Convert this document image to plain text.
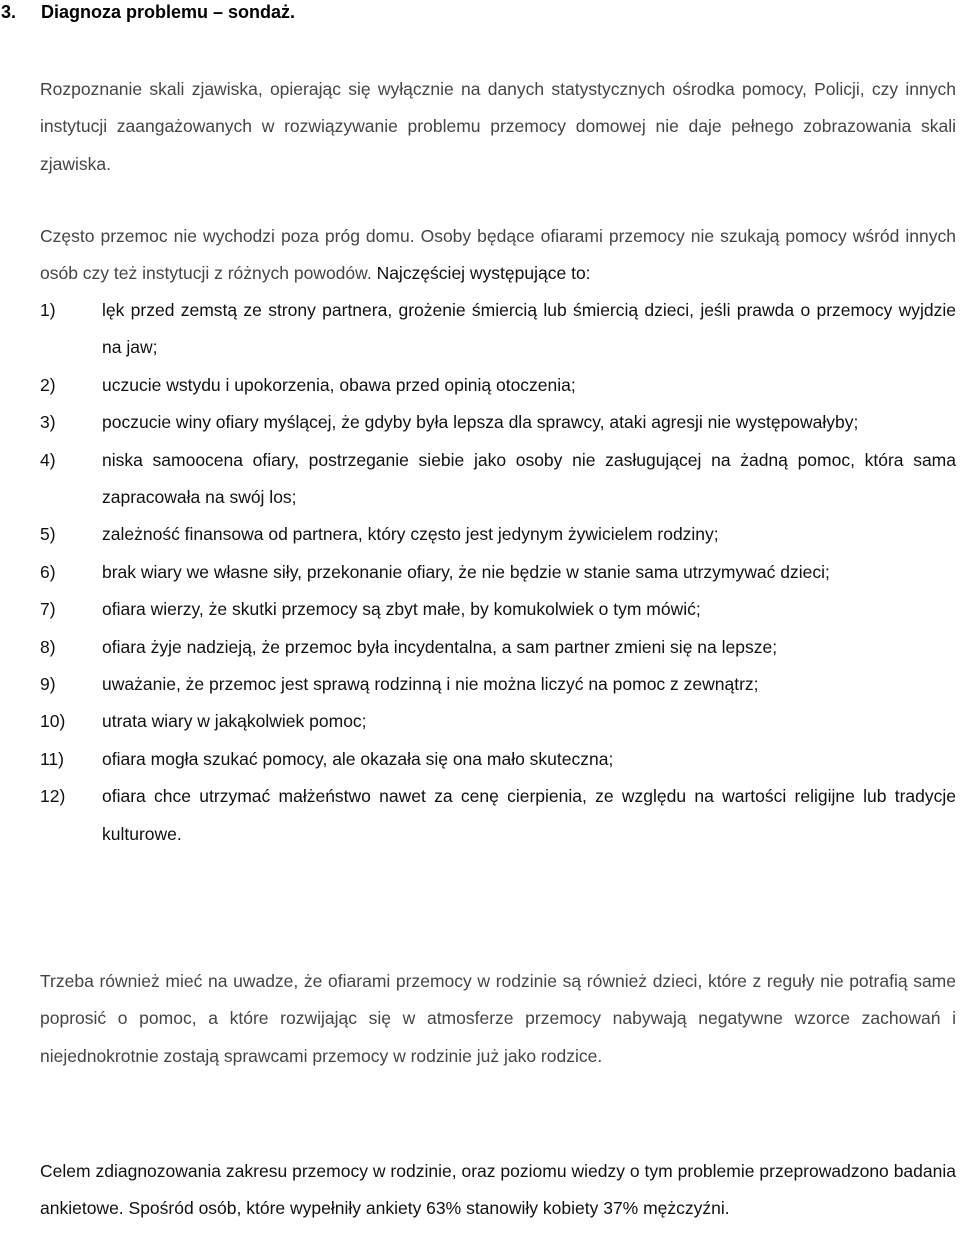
3. Diagnoza problemu – sondaż.
Rozpoznanie skali zjawiska, opierając się wyłącznie na danych statystycznych ośrodka pomocy, Policji, czy innych instytucji zaangażowanych w rozwiązywanie problemu przemocy domowej nie daje pełnego zobrazowania skali zjawiska.
Często przemoc nie wychodzi poza próg domu. Osoby będące ofiarami przemocy nie szukają pomocy wśród innych osób czy też instytucji z różnych powodów. Najczęściej występujące to:
1)	lęk przed zemstą ze strony partnera, grożenie śmiercią lub śmiercią dzieci, jeśli prawda o przemocy wyjdzie na jaw;
2)	uczucie wstydu i upokorzenia, obawa przed opinią otoczenia;
3)	poczucie winy ofiary myślącej, że gdyby była lepsza dla sprawcy, ataki agresji nie występowałyby;
4)	niska samoocena ofiary, postrzeganie siebie jako osoby nie zasługującej na żadną pomoc, która sama zapracowała na swój los;
5)	zależność finansowa od partnera, który często jest jedynym żywicielem rodziny;
6)	brak wiary we własne siły, przekonanie ofiary, że nie będzie w stanie sama utrzymywać dzieci;
7)	ofiara wierzy, że skutki przemocy są zbyt małe, by komukolwiek o tym mówić;
8)	ofiara żyje nadzieją, że przemoc była incydentalna, a sam partner zmieni się na lepsze;
9)	uważanie, że przemoc jest sprawą rodzinną i nie można liczyć na pomoc z zewnątrz;
10) utrata wiary w jakąkolwiek pomoc;
11) ofiara mogła szukać pomocy, ale okazała się ona mało skuteczna;
12) ofiara chce utrzymać małżeństwo nawet za cenę cierpienia, ze względu na wartości religijne lub tradycje kulturowe.
Trzeba również mieć na uwadze, że ofiarami przemocy w rodzinie są również dzieci, które z reguły nie potrafią same poprosić o pomoc, a które rozwijając się w atmosferze przemocy nabywają negatywne wzorce zachowań i niejednokrotnie zostają sprawcami przemocy w rodzinie już jako rodzice.
Celem zdiagnozowania zakresu przemocy w rodzinie, oraz poziomu wiedzy o tym problemie przeprowadzono badania ankietowe. Spośród osób, które wypełniły ankiety 63% stanowiły kobiety 37% mężczyźni.
